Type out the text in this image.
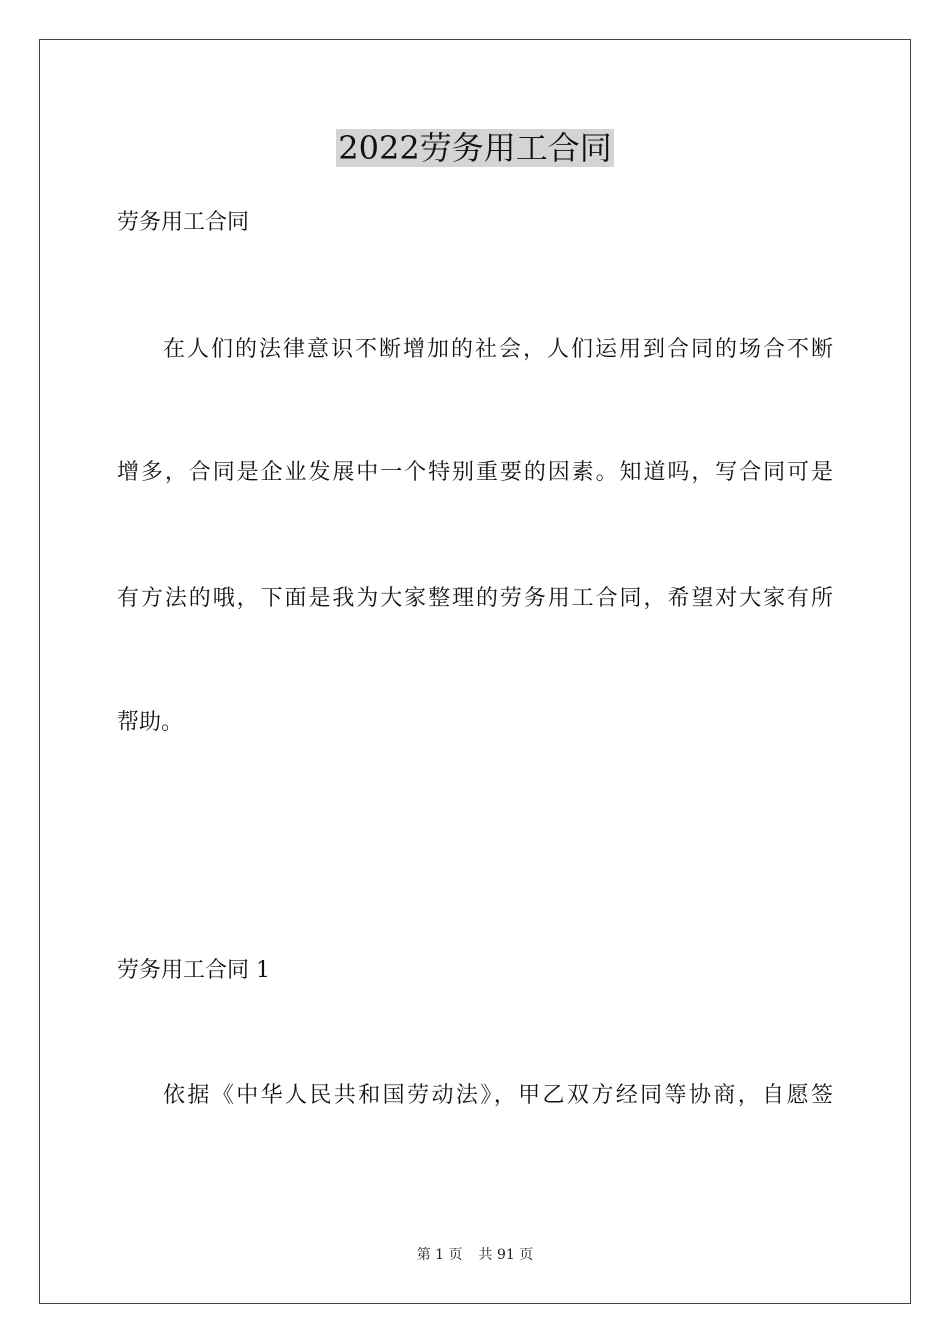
2022劳务用工合同

劳务用工合同

在人们的法律意识不断增加的社会，人们运用到合同的场合不断

增多，合同是企业发展中一个特别重要的因素。知道吗，写合同可是

有方法的哦，下面是我为大家整理的劳务用工合同，希望对大家有所

帮助。

劳务用工合同 1

依据《中华人民共和国劳动法》，甲乙双方经同等协商，自愿签

第 1 页 共 91 页
